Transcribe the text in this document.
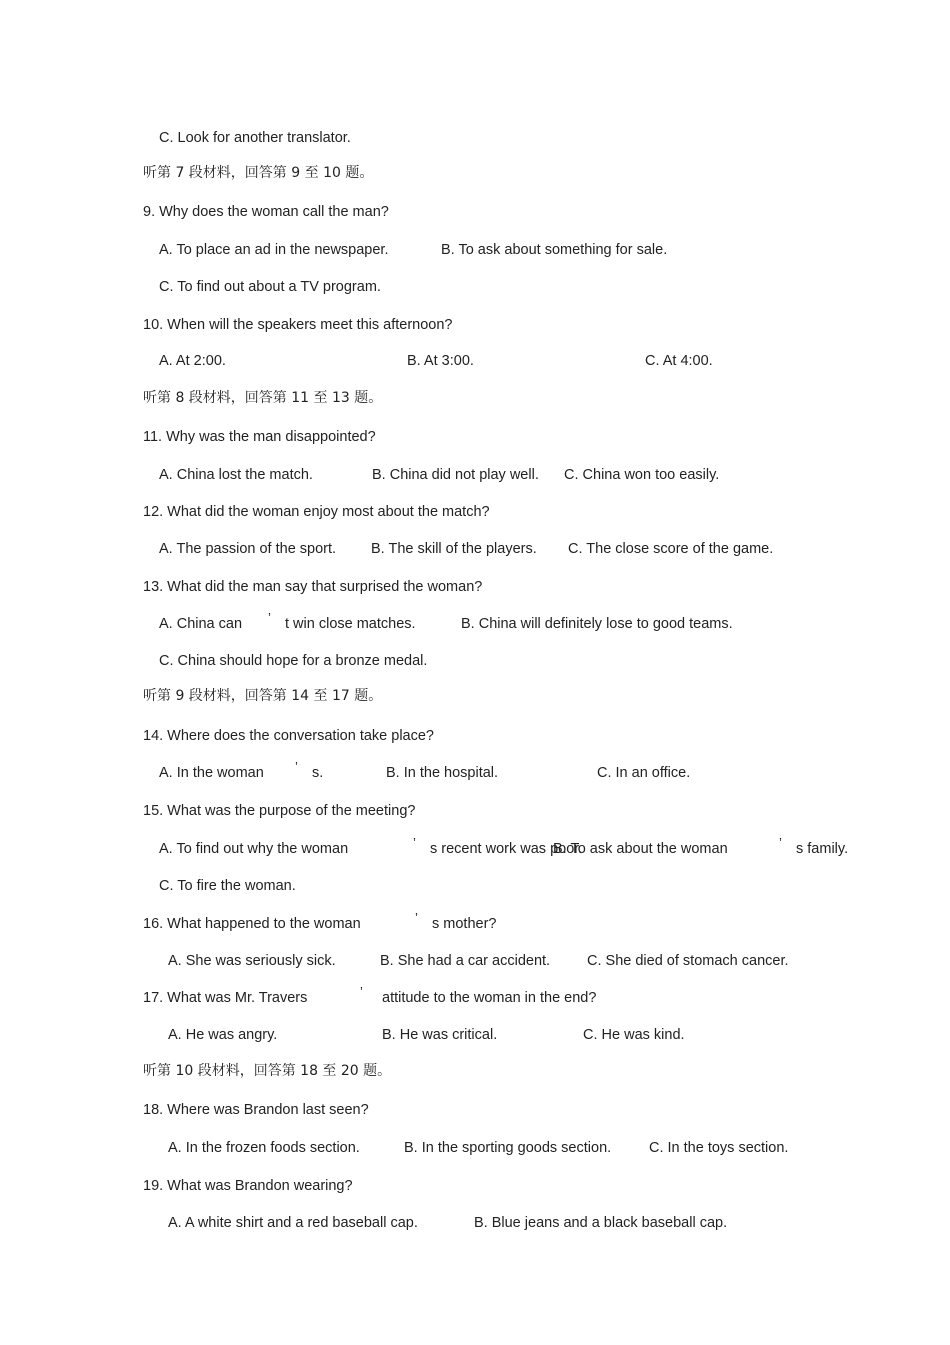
C. Look for another translator.
听第 7 段材料，回答第 9 至 10 题。
9. Why does the woman call the man?
A. To place an ad in the newspaper.	B. To ask about something for sale.
C. To find out about a TV program.
10. When will the speakers meet this afternoon?
A. At 2:00.	B. At 3:00.	C. At 4:00.
听第 8 段材料，回答第 11 至 13 题。
11. Why was the man disappointed?
A. China lost the match.	B. China did not play well. C. China won too easily.
12. What did the woman enjoy most about the match?
A. The passion of the sport. B. The skill of the players. C. The close score of the game.
13. What did the man say that surprised the woman?
A. China can ’ t win close matches.	B. China will definitely lose to good teams.
C. China should hope for a bronze medal.
听第 9 段材料，回答第 14 至 17 题。
14. Where does the conversation take place?
A. In the woman ’ s.	B. In the hospital.	C. In an office.
15. What was the purpose of the meeting?
A. To find out why the woman	’ s recent work was poor.
B. To ask about the woman	’ s family.
C. To fire the woman.
16. What happened to the woman	’ s mother?
A. She was seriously sick.	B. She had a car accident.	C. She died of stomach cancer.
17. What was Mr. Travers	’ attitude to the woman in the end?
A. He was angry.	B. He was critical.	C. He was kind.
听第 10 段材料，回答第 18 至 20 题。
18. Where was Brandon last seen?
A. In the frozen foods section.	B. In the sporting goods section.	C. In the toys section.
19. What was Brandon wearing?
A. A white shirt and a red baseball cap.	B. Blue jeans and a black baseball cap.
